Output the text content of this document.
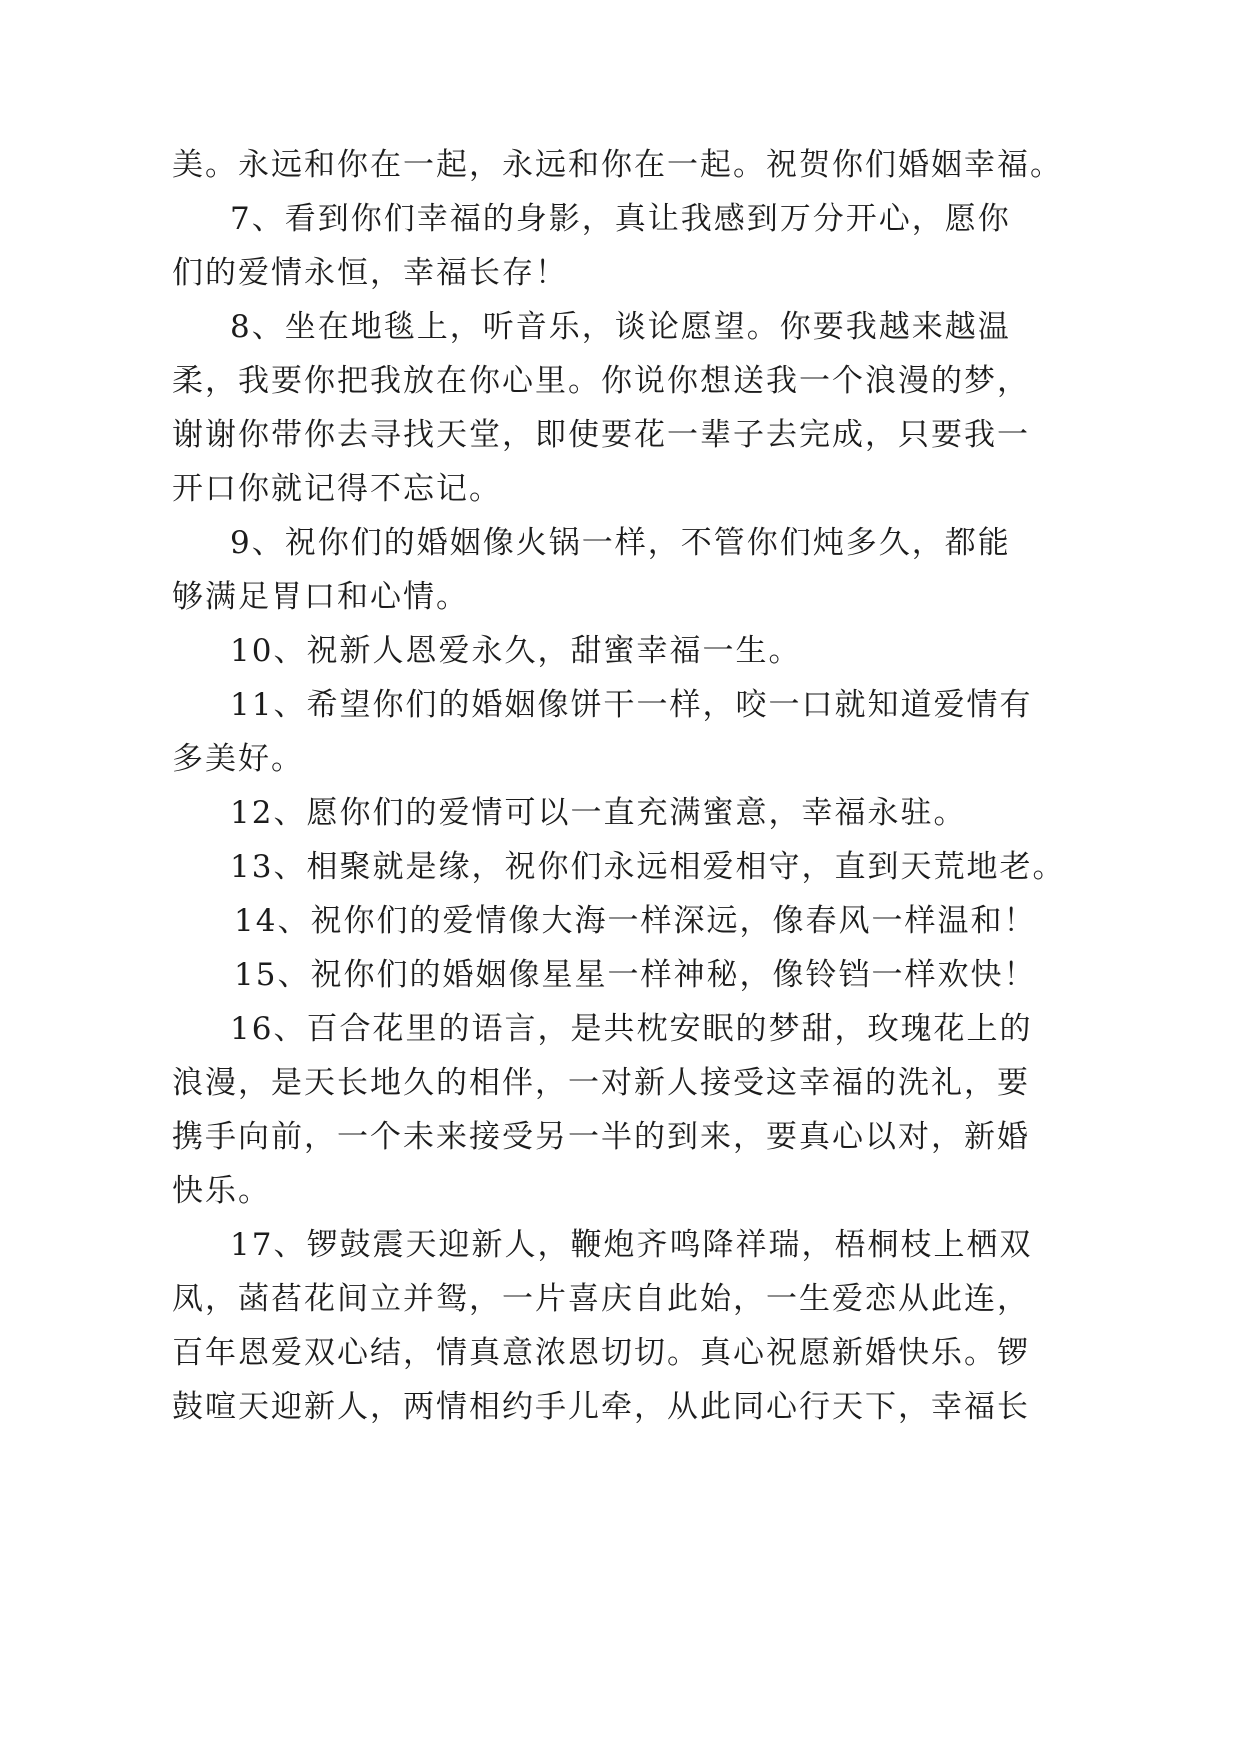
美。永远和你在一起，永远和你在一起。祝贺你们婚姻幸福。
7、看到你们幸福的身影，真让我感到万分开心，愿你
们的爱情永恒，幸福长存！
8、坐在地毯上，听音乐，谈论愿望。你要我越来越温
柔，我要你把我放在你心里。你说你想送我一个浪漫的梦，
谢谢你带你去寻找天堂，即使要花一辈子去完成，只要我一
开口你就记得不忘记。
9、祝你们的婚姻像火锅一样，不管你们炖多久，都能
够满足胃口和心情。
10、祝新人恩爱永久，甜蜜幸福一生。
11、希望你们的婚姻像饼干一样，咬一口就知道爱情有
多美好。
12、愿你们的爱情可以一直充满蜜意，幸福永驻。
13、相聚就是缘，祝你们永远相爱相守，直到天荒地老。
14、祝你们的爱情像大海一样深远，像春风一样温和！
15、祝你们的婚姻像星星一样神秘，像铃铛一样欢快！
16、百合花里的语言，是共枕安眠的梦甜，玫瑰花上的
浪漫，是天长地久的相伴，一对新人接受这幸福的洗礼，要
携手向前，一个未来接受另一半的到来，要真心以对，新婚
快乐。
17、锣鼓震天迎新人，鞭炮齐鸣降祥瑞，梧桐枝上栖双
凤，菡萏花间立并鸳，一片喜庆自此始，一生爱恋从此连，
百年恩爱双心结，情真意浓恩切切。真心祝愿新婚快乐。锣
鼓喧天迎新人，两情相约手儿牵，从此同心行天下，幸福长
